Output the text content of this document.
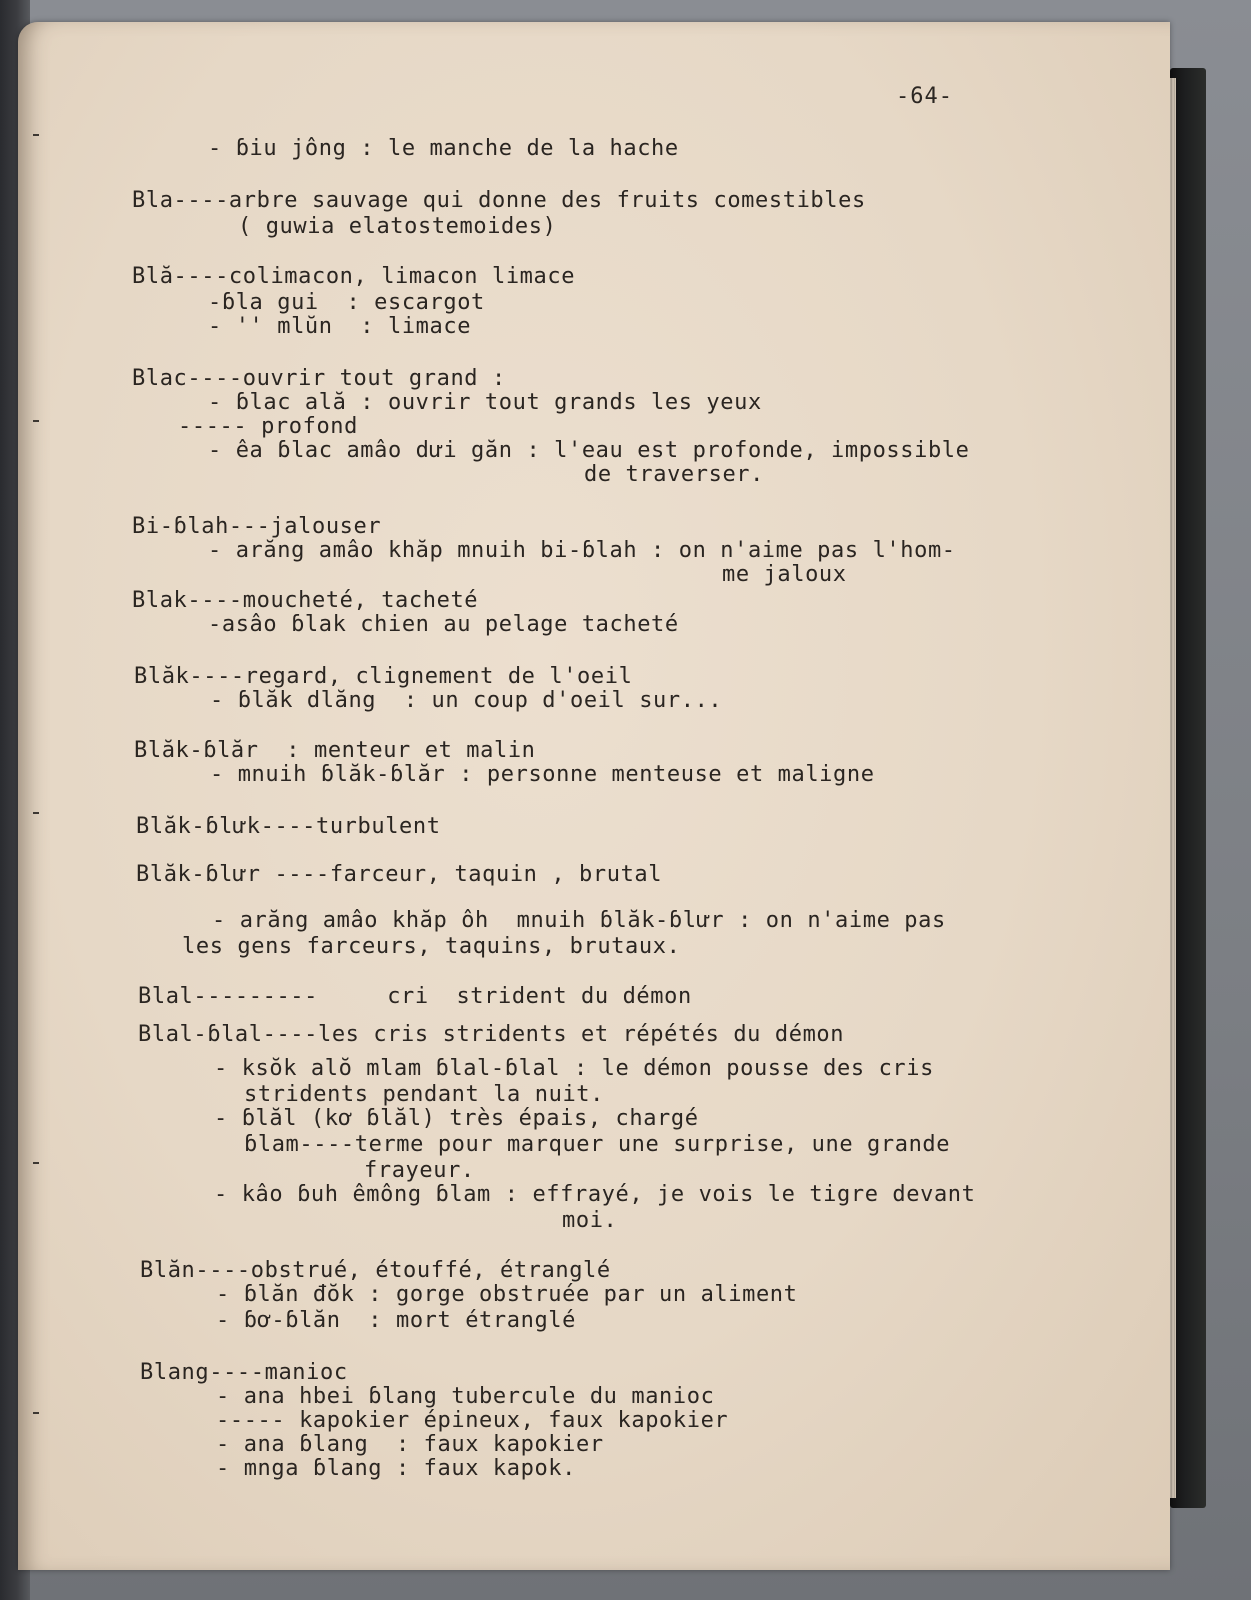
-64-

- ɓiu jông : le manche de la hache

Bla----arbre sauvage qui donne des fruits comestibles

( guwia elatostemoides)

Blă----colimacon, limacon limace

-ɓla gui  : escargot

- '' mlŭn  : limace

Blac----ouvrir tout grand :

- ɓlac ală : ouvrir tout grands les yeux

----- profond

- êa ɓlac amâo dưi găn : l'eau est profonde, impossible

de traverser.

Bi-ɓlah---jalouser

- arăng amâo khăp mnuih bi-ɓlah : on n'aime pas l'hom-

me jaloux

Blak----moucheté, tacheté

-asâo ɓlak chien au pelage tacheté

Blăk----regard, clignement de l'oeil

- ɓlăk dlăng  : un coup d'oeil sur...

Blăk-ɓlăr  : menteur et malin

- mnuih ɓlăk-ɓlăr : personne menteuse et maligne

Blăk-ɓlưk----turbulent

Blăk-ɓlưr ----farceur, taquin , brutal

- arăng amâo khăp ôh  mnuih ɓlăk-ɓlưr : on n'aime pas

les gens farceurs, taquins, brutaux.

Blal---------     cri  strident du démon

Blal-ɓlal----les cris stridents et répétés du démon

- ksŏk alŏ mlam ɓlal-ɓlal : le démon pousse des cris

stridents pendant la nuit.

- ɓlăl (kơ ɓlăl) très épais, chargé

ɓlam----terme pour marquer une surprise, une grande

frayeur.

- kâo ɓuh êmông ɓlam : effrayé, je vois le tigre devant

moi.

Blăn----obstrué, étouffé, étranglé

- ɓlăn đŏk : gorge obstruée par un aliment

- ɓơ-ɓlăn  : mort étranglé

Blang----manioc

- ana hbei ɓlang tubercule du manioc

----- kapokier épineux, faux kapokier

- ana ɓlang  : faux kapokier

- mnga ɓlang : faux kapok.
